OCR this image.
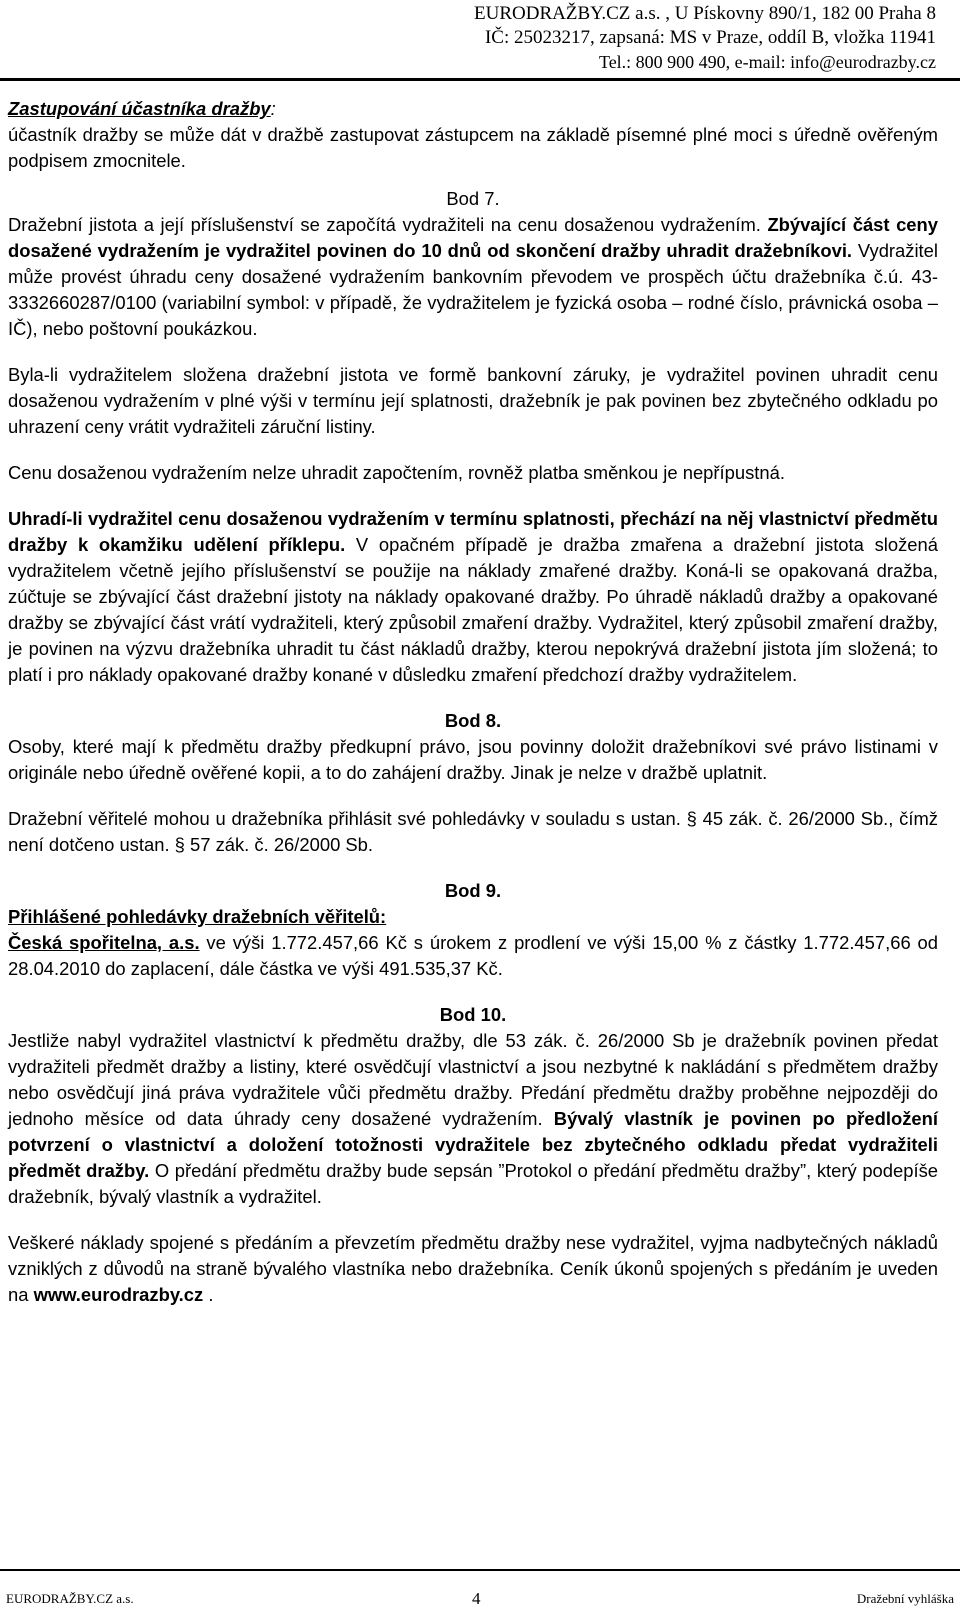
EURODRAŽBY.CZ a.s. , U Pískovny 890/1, 182 00 Praha 8
IČ: 25023217, zapsaná: MS v Praze, oddíl B, vložka 11941
Tel.: 800 900 490, e-mail: info@eurodrazby.cz

Zastupování účastníka dražby:

účastník dražby se může dát v dražbě zastupovat zástupcem na základě písemné plné moci s úředně ověřeným podpisem zmocnitele.

Bod 7.

Dražební jistota a její příslušenství se započítá vydražiteli na cenu dosaženou vydražením. Zbývající část ceny dosažené vydražením je vydražitel povinen do 10 dnů od skončení dražby uhradit dražebníkovi. Vydražitel může provést úhradu ceny dosažené vydražením bankovním převodem ve prospěch účtu dražebníka č.ú. 43-3332660287/0100 (variabilní symbol: v případě, že vydražitelem je fyzická osoba – rodné číslo, právnická osoba – IČ), nebo poštovní poukázkou.

Byla-li vydražitelem složena dražební jistota ve formě bankovní záruky, je vydražitel povinen uhradit cenu dosaženou vydražením v plné výši v termínu její splatnosti, dražebník je pak povinen bez zbytečného odkladu po uhrazení ceny vrátit vydražiteli záruční listiny.

Cenu dosaženou vydražením nelze uhradit započtením, rovněž platba směnkou je nepřípustná.

Uhradí-li vydražitel cenu dosaženou vydražením v termínu splatnosti, přechází na něj vlastnictví předmětu dražby k okamžiku udělení příklepu. V opačném případě je dražba zmařena a dražební jistota složená vydražitelem včetně jejího příslušenství se použije na náklady zmařené dražby. Koná-li se opakovaná dražba, zúčtuje se zbývající část dražební jistoty na náklady opakované dražby. Po úhradě nákladů dražby a opakované dražby se zbývající část vrátí vydražiteli, který způsobil zmaření dražby. Vydražitel, který způsobil zmaření dražby, je povinen na výzvu dražebníka uhradit tu část nákladů dražby, kterou nepokrývá dražební jistota jím složená; to platí i pro náklady opakované dražby konané v důsledku zmaření předchozí dražby vydražitelem.

Bod 8.

Osoby, které mají k předmětu dražby předkupní právo, jsou povinny doložit dražebníkovi své právo listinami v originále nebo úředně ověřené kopii, a to do zahájení dražby. Jinak je nelze v dražbě uplatnit.

Dražební věřitelé mohou u dražebníka přihlásit své pohledávky v souladu s ustan. § 45 zák. č. 26/2000 Sb., čímž není dotčeno ustan. § 57 zák. č. 26/2000 Sb.

Bod 9.

Přihlášené pohledávky dražebních věřitelů:

Česká spořitelna, a.s. ve výši 1.772.457,66 Kč s úrokem z prodlení ve výši 15,00 % z částky 1.772.457,66 od 28.04.2010 do zaplacení, dále částka ve výši 491.535,37 Kč.

Bod 10.

Jestliže nabyl vydražitel vlastnictví k předmětu dražby, dle 53 zák. č. 26/2000 Sb je dražebník povinen předat vydražiteli předmět dražby a listiny, které osvědčují vlastnictví a jsou nezbytné k nakládání s předmětem dražby nebo osvědčují jiná práva vydražitele vůči předmětu dražby. Předání předmětu dražby proběhne nejpozději do jednoho měsíce od data úhrady ceny dosažené vydražením. Bývalý vlastník je povinen po předložení potvrzení o vlastnictví a doložení totožnosti vydražitele bez zbytečného odkladu předat vydražiteli předmět dražby. O předání předmětu dražby bude sepsán ”Protokol o předání předmětu dražby”, který podepíše dražebník, bývalý vlastník a vydražitel.

Veškeré náklady spojené s předáním a převzetím předmětu dražby nese vydražitel, vyjma nadbytečných nákladů vzniklých z důvodů na straně bývalého vlastníka nebo dražebníka. Ceník úkonů spojených s předáním je uveden na www.eurodrazby.cz .

EURODRAŽBY.CZ a.s.	4	Dražební vyhláška
